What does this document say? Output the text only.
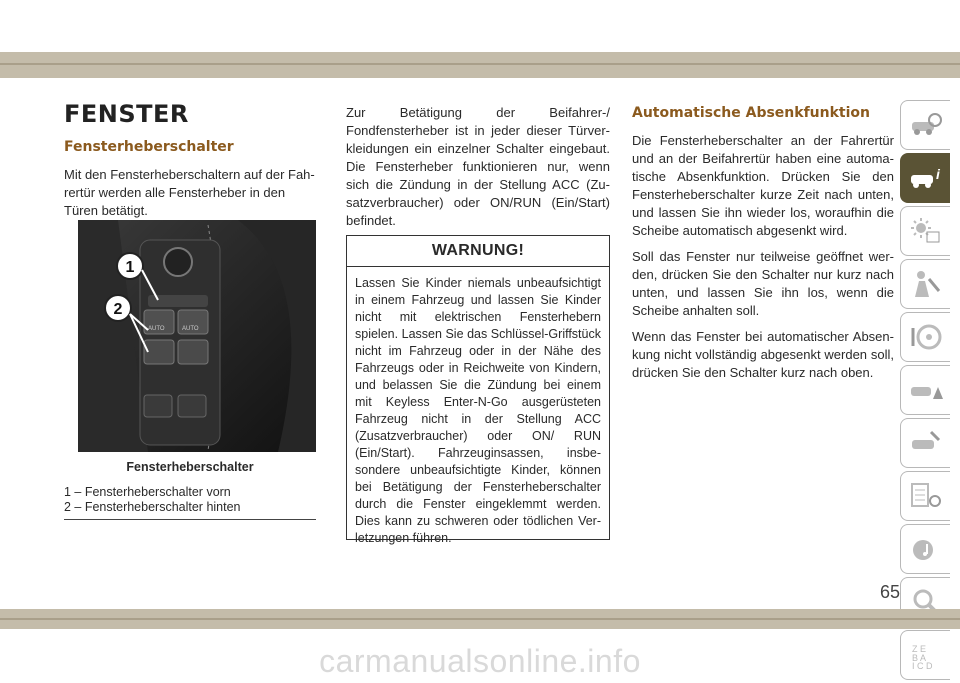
FENSTER
Fensterheberschalter

Mit den Fensterheberschaltern auf der Fahrertür werden alle Fensterheber in den Türen betätigt.

AUTO	AUTO
1
2
Fensterheberschalter
1 – Fensterheberschalter vorn
2 – Fensterheberschalter hinten

Zur Betätigung der Beifahrer-/ Fondfensterheber ist in jeder dieser Türverkleidungen ein einzelner Schalter eingebaut. Die Fensterheber funktionieren nur, wenn sich die Zündung in der Stellung ACC (Zusatzverbraucher) oder ON/RUN (Ein/Start) befindet.

WARNUNG!
Lassen Sie Kinder niemals unbeaufsichtigt in einem Fahrzeug und lassen Sie Kinder nicht mit elektrischen Fensterhebern spielen. Lassen Sie das Schlüssel-Griffstück nicht im Fahrzeug oder in der Nähe des Fahrzeugs oder in Reichweite von Kindern, und belassen Sie die Zündung bei einem mit Keyless Enter-N-Go ausgerüsteten Fahrzeug nicht in der Stellung ACC (Zusatzverbraucher) oder ON/ RUN (Ein/Start). Fahrzeuginsassen, insbesondere unbeaufsichtigte Kinder, können bei Betätigung der Fensterheberschalter durch die Fenster eingeklemmt werden. Dies kann zu schweren oder tödlichen Verletzungen führen.
Automatische Absenkfunktion

Die Fensterheberschalter an der Fahrertür und an der Beifahrertür haben eine automatische Absenkfunktion. Drücken Sie den Fensterheberschalter kurze Zeit nach unten, und lassen Sie ihn wieder los, woraufhin die Scheibe automatisch abgesenkt wird.

Soll das Fenster nur teilweise geöffnet werden, drücken Sie den Schalter nur kurz nach unten, und lassen Sie ihn los, wenn die Scheibe anhalten soll.

Wenn das Fenster bei automatischer Absenkung nicht vollständig abgesenkt werden soll, drücken Sie den Schalter kurz nach oben.

i
Z E
B A
I C D
65
carmanualsonline.info
